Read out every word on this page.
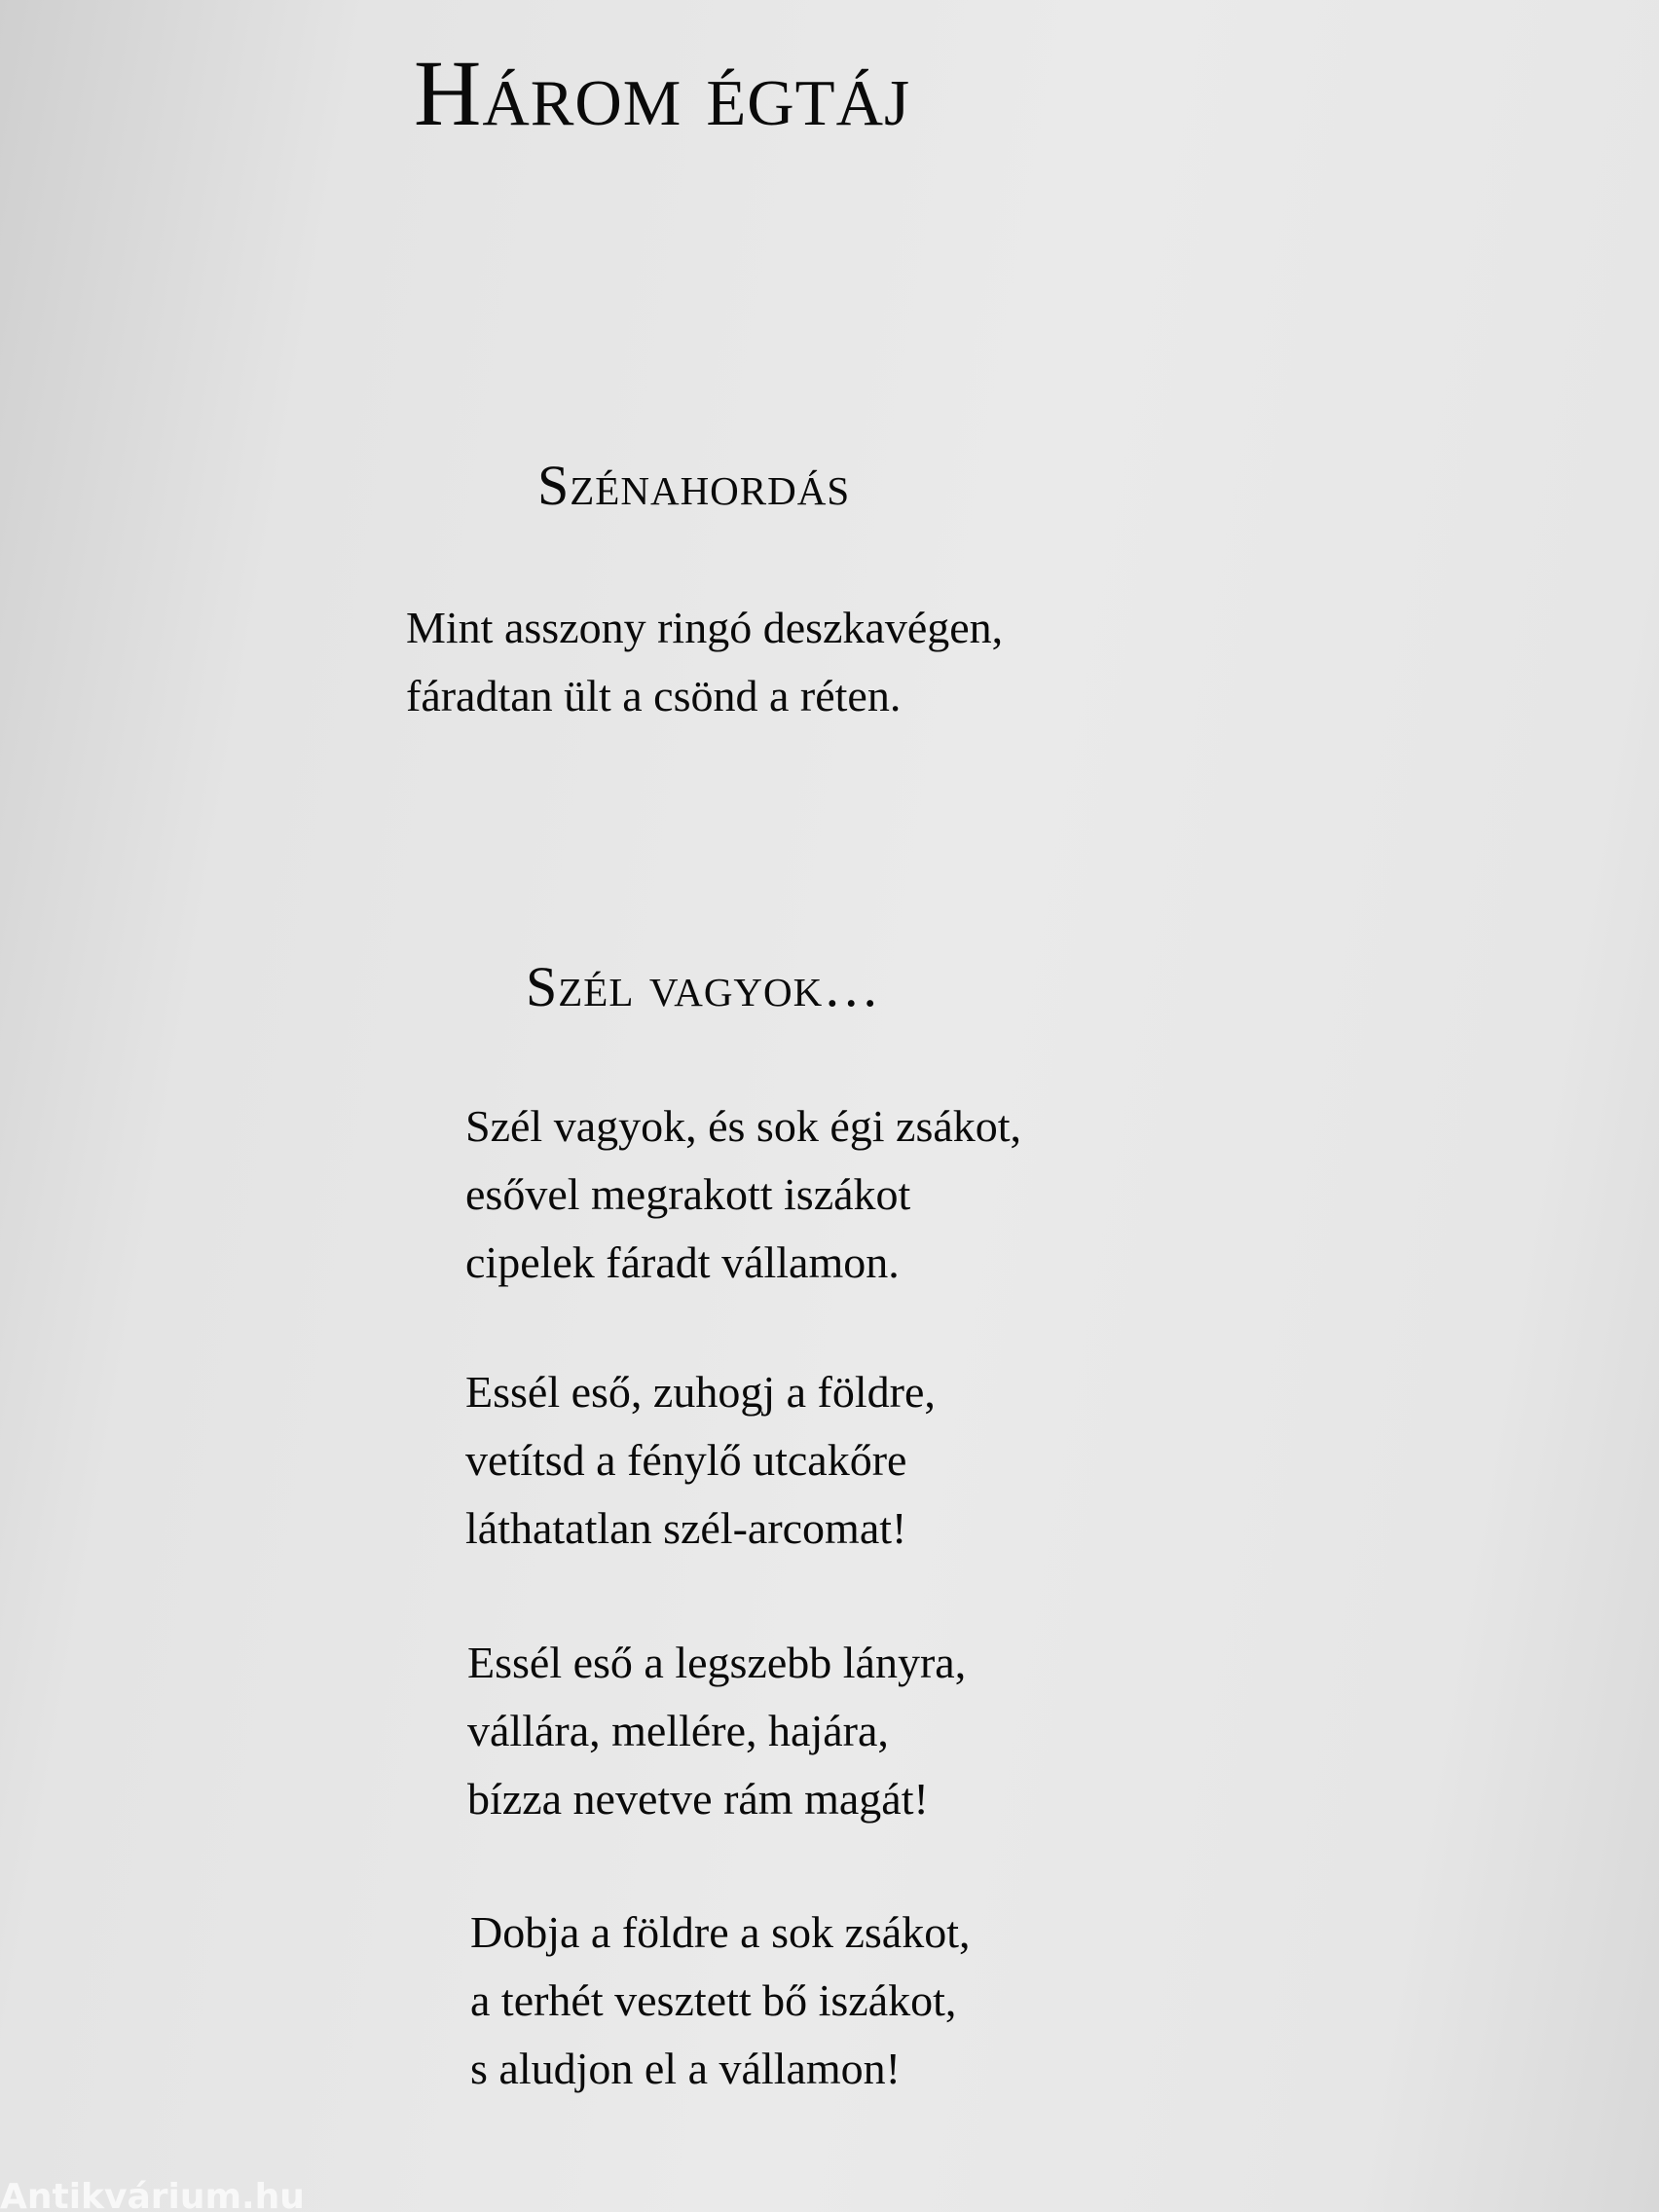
Három égtáj
Szénahordás
Mint asszony ringó deszkavégen,
fáradtan ült a csönd a réten.
Szél vagyok…
Szél vagyok, és sok égi zsákot,
esővel megrakott iszákot
cipelek fáradt vállamon.
Essél eső, zuhogj a földre,
vetítsd a fénylő utcakőre
láthatatlan szél-arcomat!
Essél eső a legszebb lányra,
vállára, mellére, hajára,
bízza nevetve rám magát!
Dobja a földre a sok zsákot,
a terhét vesztett bő iszákot,
s aludjon el a vállamon!
Antikvárium.hu
